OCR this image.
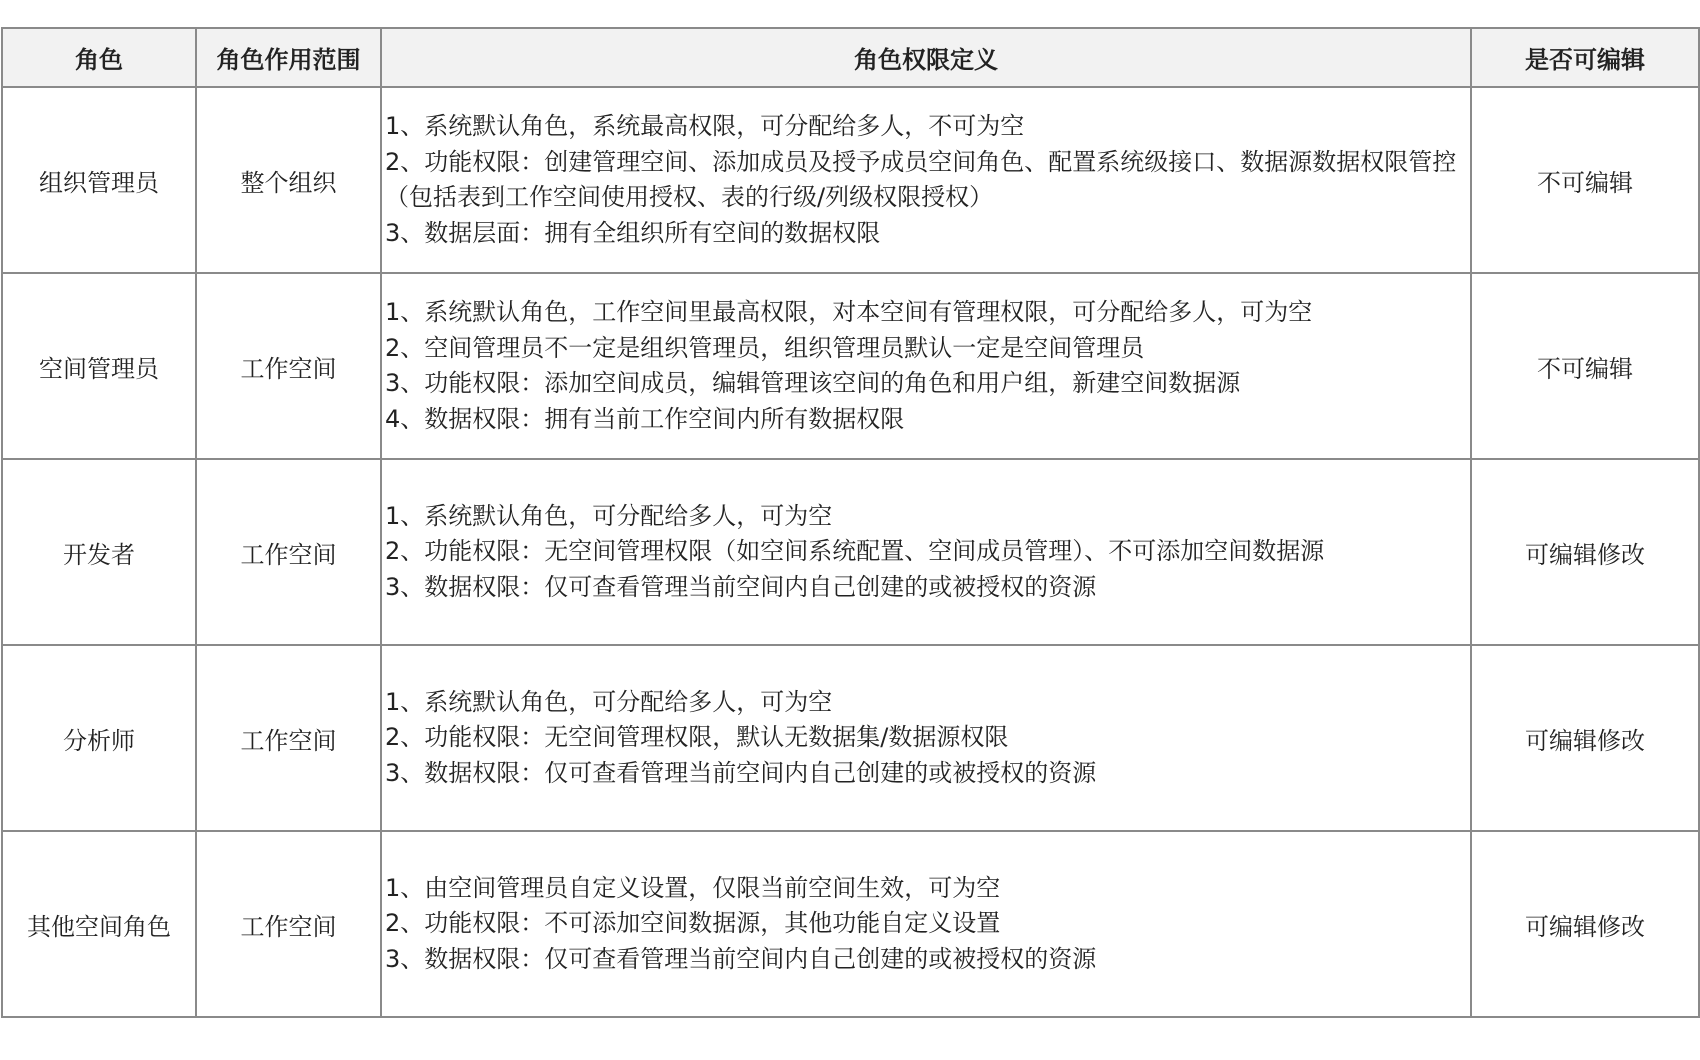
角色	角色作用范围	角色权限定义	是否可编辑
组织管理员	整个组织	1、系统默认角色，系统最高权限，可分配给多人，不可为空
2、功能权限：创建管理空间、添加成员及授予成员空间角色、配置系统级接口、数据源数据权限管控（包括表到工作空间使用授权、表的行级/列级权限授权）
3、数据层面：拥有全组织所有空间的数据权限	不可编辑
空间管理员	工作空间	1、系统默认角色，工作空间里最高权限，对本空间有管理权限，可分配给多人，可为空
2、空间管理员不一定是组织管理员，组织管理员默认一定是空间管理员
3、功能权限：添加空间成员，编辑管理该空间的角色和用户组，新建空间数据源
4、数据权限：拥有当前工作空间内所有数据权限	不可编辑
开发者	工作空间	1、系统默认角色，可分配给多人，可为空
2、功能权限：无空间管理权限（如空间系统配置、空间成员管理）、不可添加空间数据源
3、数据权限：仅可查看管理当前空间内自己创建的或被授权的资源	可编辑修改
分析师	工作空间	1、系统默认角色，可分配给多人，可为空
2、功能权限：无空间管理权限，默认无数据集/数据源权限
3、数据权限：仅可查看管理当前空间内自己创建的或被授权的资源	可编辑修改
其他空间角色	工作空间	1、由空间管理员自定义设置，仅限当前空间生效，可为空
2、功能权限：不可添加空间数据源，其他功能自定义设置
3、数据权限：仅可查看管理当前空间内自己创建的或被授权的资源	可编辑修改
